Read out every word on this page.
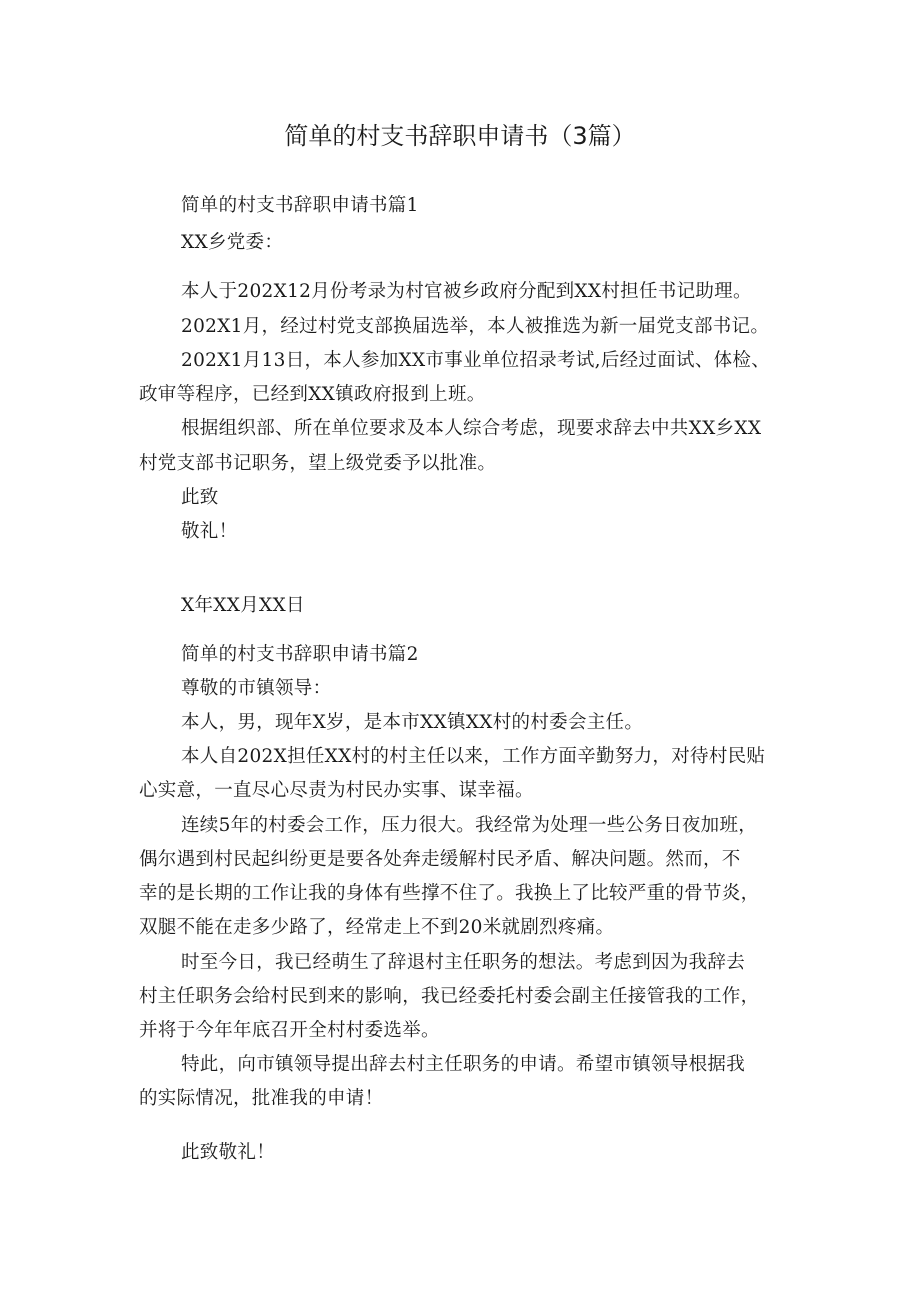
简单的村支书辞职申请书（3篇）
简单的村支书辞职申请书篇1
XX乡党委：
本人于202X12月份考录为村官被乡政府分配到XX村担任书记助理。
202X1月，经过村党支部换届选举，本人被推选为新一届党支部书记。
202X1月13日，本人参加XX市事业单位招录考试,后经过面试、体检、
政审等程序，已经到XX镇政府报到上班。
根据组织部、所在单位要求及本人综合考虑，现要求辞去中共XX乡XX
村党支部书记职务，望上级党委予以批准。
此致
敬礼！
X年XX月XX日
简单的村支书辞职申请书篇2
尊敬的市镇领导：
本人，男，现年X岁，是本市XX镇XX村的村委会主任。
本人自202X担任XX村的村主任以来，工作方面辛勤努力，对待村民贴
心实意，一直尽心尽责为村民办实事、谋幸福。
连续5年的村委会工作，压力很大。我经常为处理一些公务日夜加班，
偶尔遇到村民起纠纷更是要各处奔走缓解村民矛盾、解决问题。然而，不
幸的是长期的工作让我的身体有些撑不住了。我换上了比较严重的骨节炎，
双腿不能在走多少路了，经常走上不到20米就剧烈疼痛。
时至今日，我已经萌生了辞退村主任职务的想法。考虑到因为我辞去
村主任职务会给村民到来的影响，我已经委托村委会副主任接管我的工作，
并将于今年年底召开全村村委选举。
特此，向市镇领导提出辞去村主任职务的申请。希望市镇领导根据我
的实际情况，批准我的申请！
此致敬礼！
